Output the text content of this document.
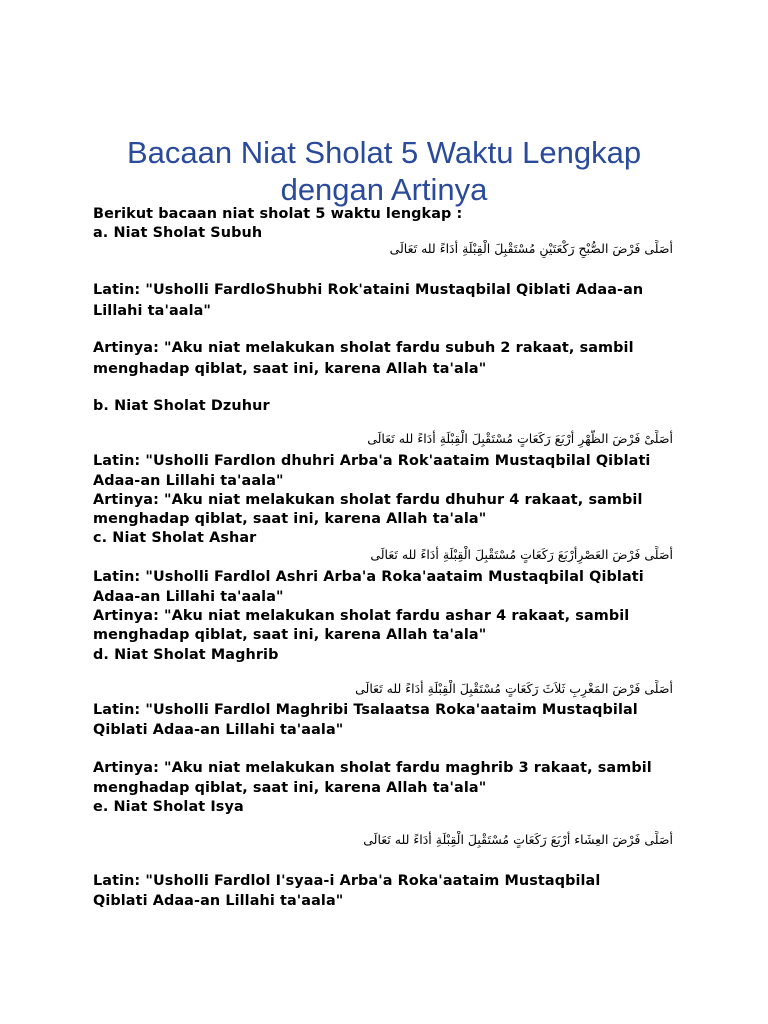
Bacaan Niat Sholat 5 Waktu Lengkap
dengan Artinya
Berikut bacaan niat sholat 5 waktu lengkap :
a. Niat Sholat Subuh
أُصَلِّى فَرْضَ الصُّبْحِ رَكْعَتَيْنِ مُسْتَقْبِلَ الْقِبْلَةِ أَدَاءً لله تَعَالَى
Latin: "Usholli FardloShubhi Rok'ataini Mustaqbilal Qiblati Adaa-an
Lillahi ta'aala"
Artinya: "Aku niat melakukan sholat fardu subuh 2 rakaat, sambil
menghadap qiblat, saat ini, karena Allah ta'ala"
b. Niat Sholat Dzuhur
أُصَلِّىْ فَرْضَ الظُّهْرِ أَرْبَعَ رَكَعَاتٍ مُسْتَقْبِلَ الْقِبْلَةِ أَدَاءً لله تَعَالَى
Latin: "Usholli Fardlon dhuhri Arba'a Rok'aataim Mustaqbilal Qiblati
Adaa-an Lillahi ta'aala"
Artinya: "Aku niat melakukan sholat fardu dhuhur 4 rakaat, sambil
menghadap qiblat, saat ini, karena Allah ta'ala"
c. Niat Sholat Ashar
أُصَلِّى فَرْضَ العَصْرِأَرْبَعَ رَكَعَاتٍ مُسْتَقْبِلَ الْقِبْلَةِ أَدَاءً لله تَعَالَى
Latin: "Usholli Fardlol Ashri Arba'a Roka'aataim Mustaqbilal Qiblati
Adaa-an Lillahi ta'aala"
Artinya: "Aku niat melakukan sholat fardu ashar 4 rakaat, sambil
menghadap qiblat, saat ini, karena Allah ta'ala"
d. Niat Sholat Maghrib
أُصَلِّى فَرْضَ المَغْرِبِ ثَلاَثَ رَكَعَاتٍ مُسْتَقْبِلَ الْقِبْلَةِ أَدَاءً لله تَعَالَى
Latin: "Usholli Fardlol Maghribi Tsalaatsa Roka'aataim Mustaqbilal
Qiblati Adaa-an Lillahi ta'aala"
Artinya: "Aku niat melakukan sholat fardu maghrib 3 rakaat, sambil
menghadap qiblat, saat ini, karena Allah ta'ala"
e. Niat Sholat Isya
أُصَلِّى فَرْضَ العِشَاء أَرْبَعَ رَكَعَاتٍ مُسْتَقْبِلَ الْقِبْلَةِ أَدَاءً لله تَعَالَى
Latin: "Usholli Fardlol I'syaa-i Arba'a Roka'aataim Mustaqbilal
Qiblati Adaa-an Lillahi ta'aala"
